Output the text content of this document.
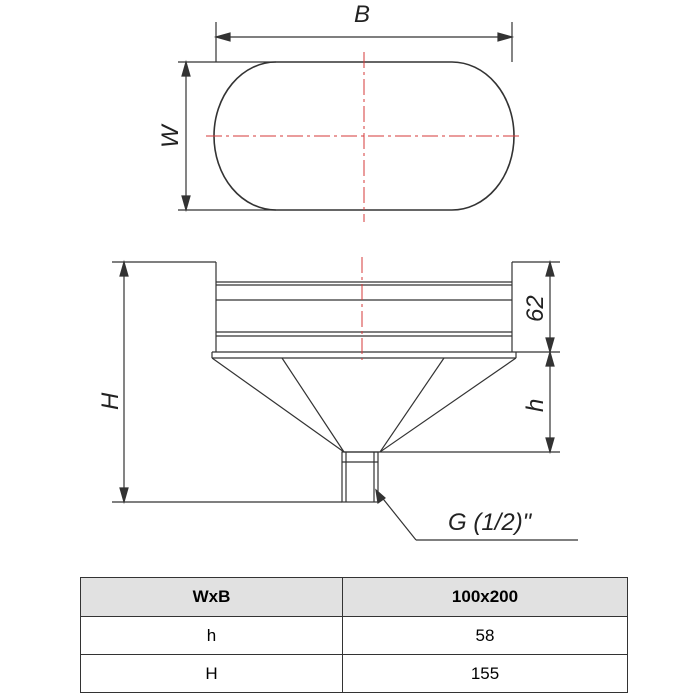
B
W
H
62
h
G (1/2)"
WxB	100x200
h	58
H	155
